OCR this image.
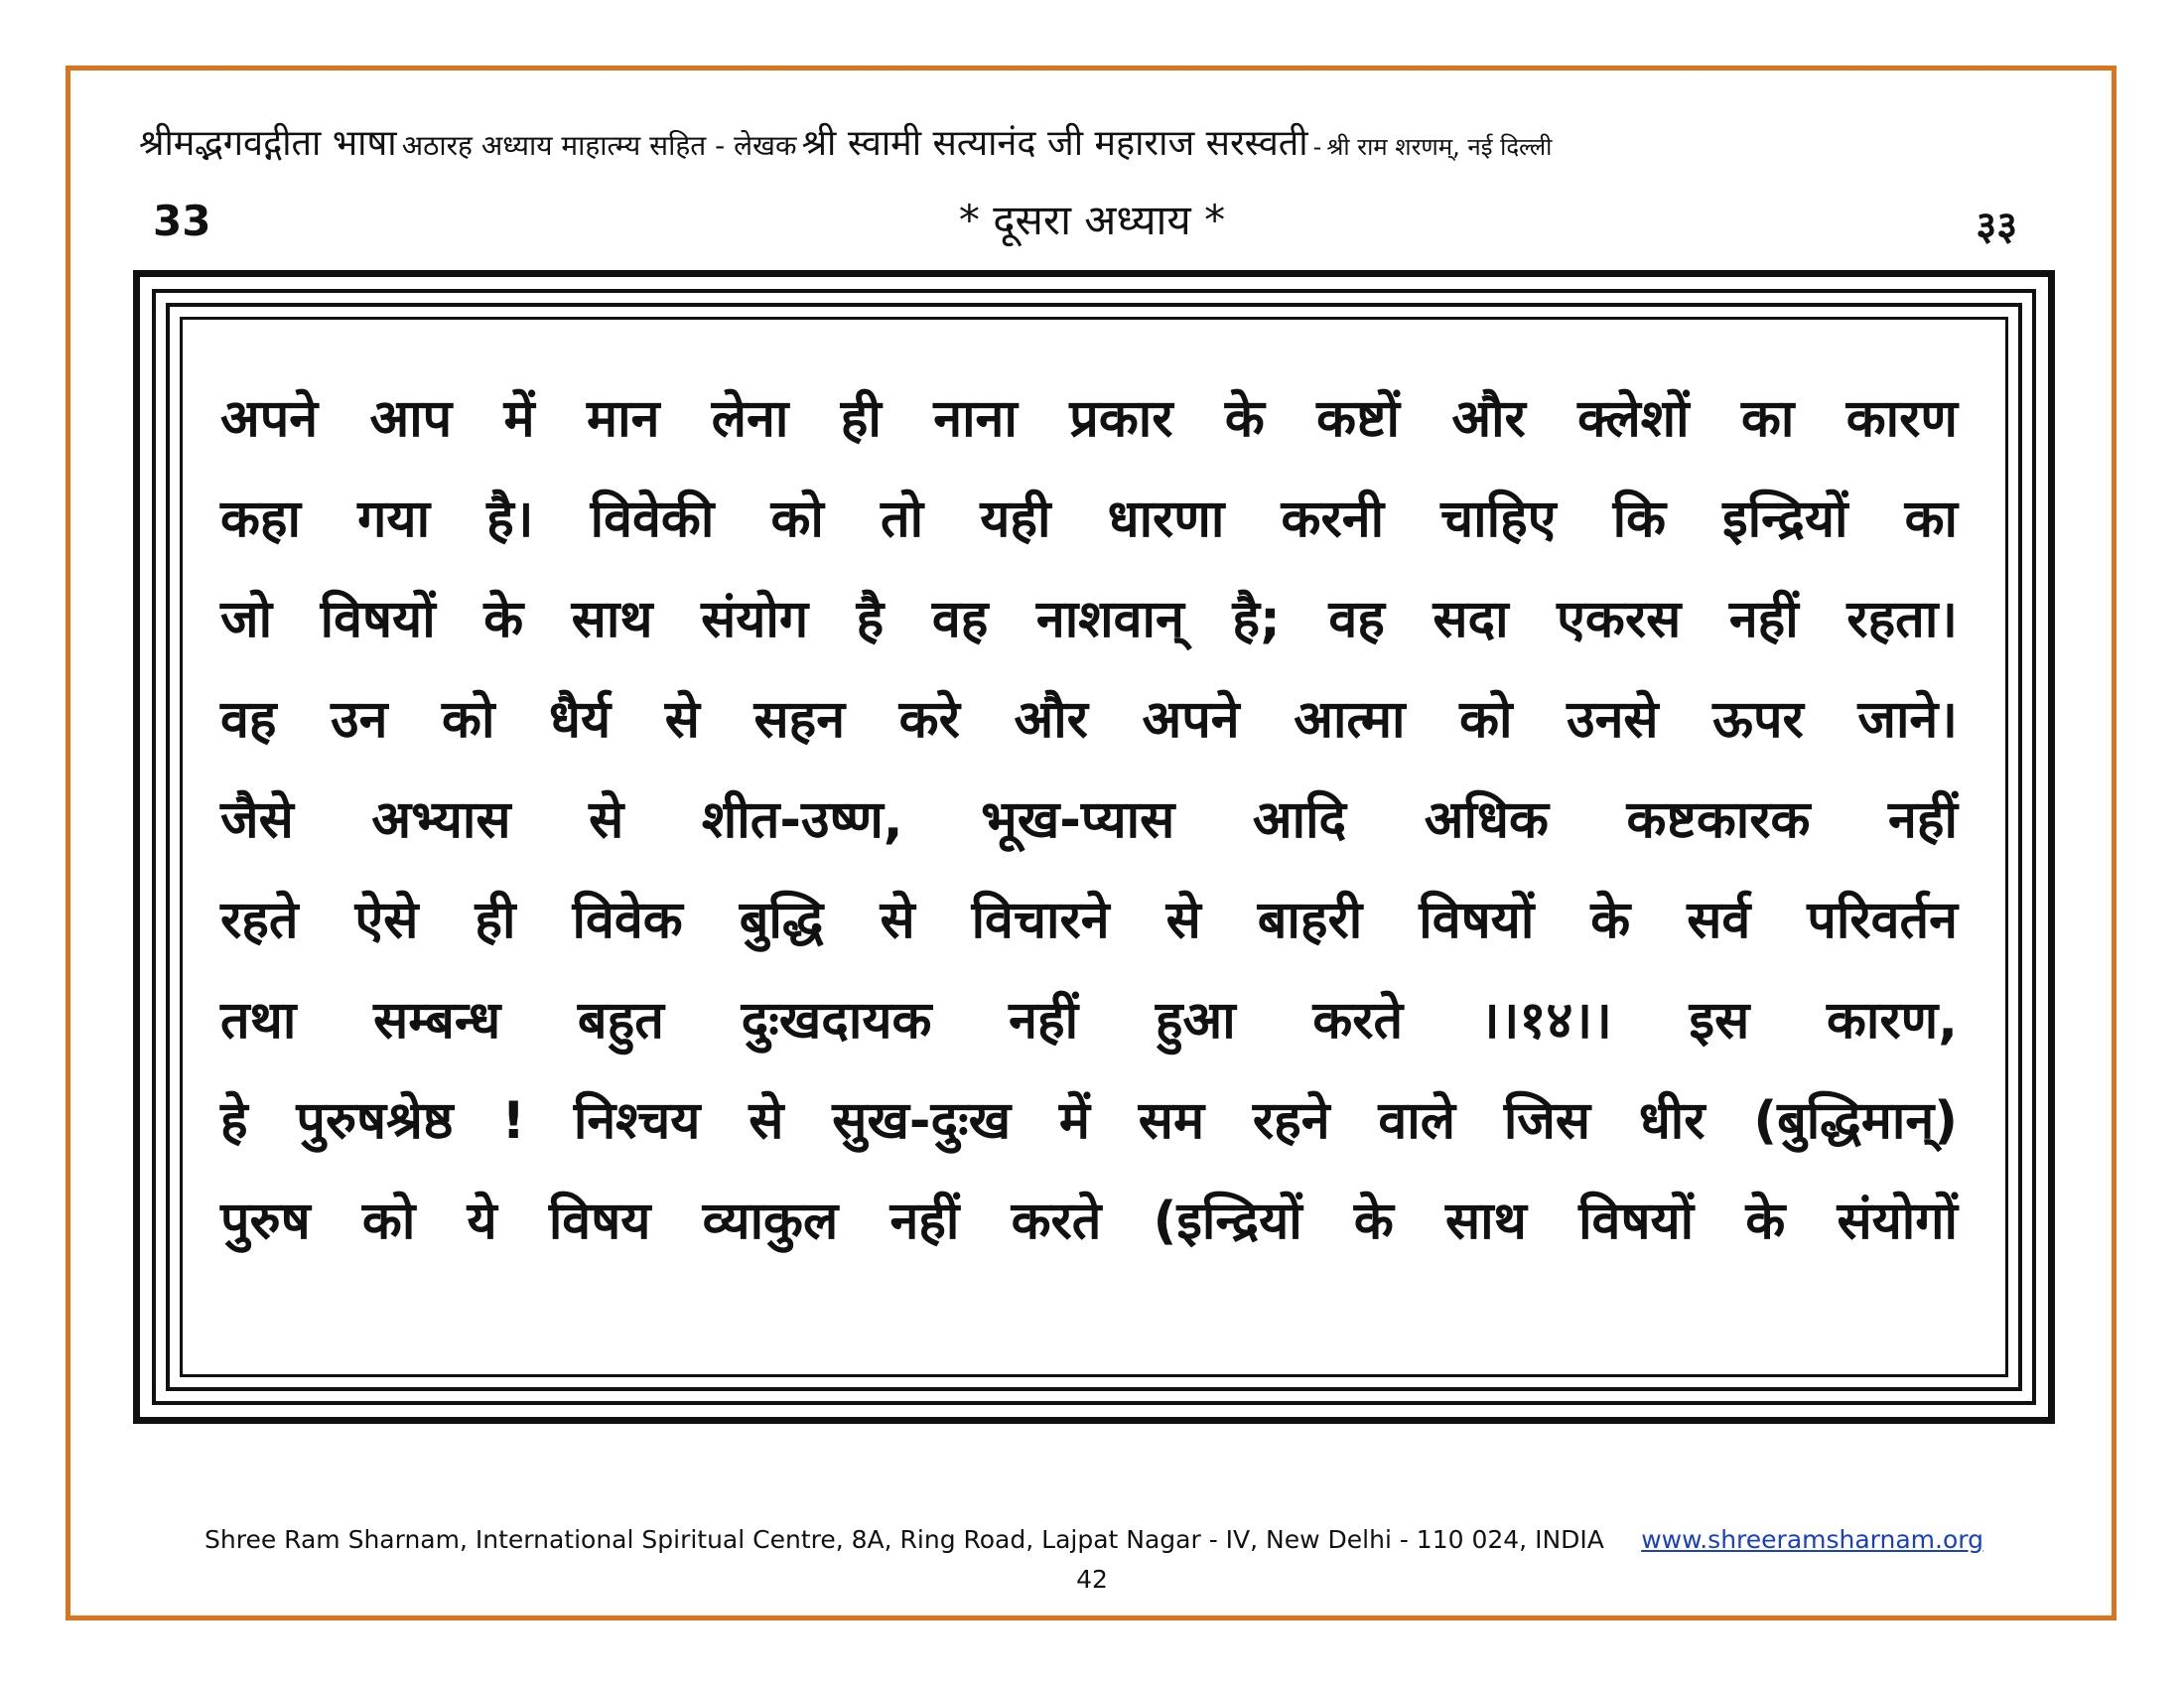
श्रीमद्भगवद्गीता भाषा अठारह अध्याय माहात्म्य सहित - लेखक श्री स्वामी सत्यानंद जी महाराज सरस्वती - श्री राम शरणम्, नई दिल्ली
33	* दूसरा अध्याय *	३३
अपने आप में मान लेना ही नाना प्रकार के कष्टों और क्लेशों का कारण
कहा गया है। विवेकी को तो यही धारणा करनी चाहिए कि इन्द्रियों का
जो विषयों के साथ संयोग है वह नाशवान् है; वह सदा एकरस नहीं रहता।
वह उन को धैर्य से सहन करे और अपने आत्मा को उनसे ऊपर जाने।
जैसे अभ्यास से शीत-उष्ण, भूख-प्यास आदि अधिक कष्टकारक नहीं
रहते ऐसे ही विवेक बुद्धि से विचारने से बाहरी विषयों के सर्व परिवर्तन
तथा सम्बन्ध बहुत दुःखदायक नहीं हुआ करते ।।१४।। इस कारण,
हे पुरुषश्रेष्ठ ! निश्चय से सुख-दुःख में सम रहने वाले जिस धीर (बुद्धिमान्)
पुरुष को ये विषय व्याकुल नहीं करते (इन्द्रियों के साथ विषयों के संयोगों
Shree Ram Sharnam, International Spiritual Centre, 8A, Ring Road, Lajpat Nagar - IV, New Delhi - 110 024, INDIA www.shreeramsharnam.org
42
